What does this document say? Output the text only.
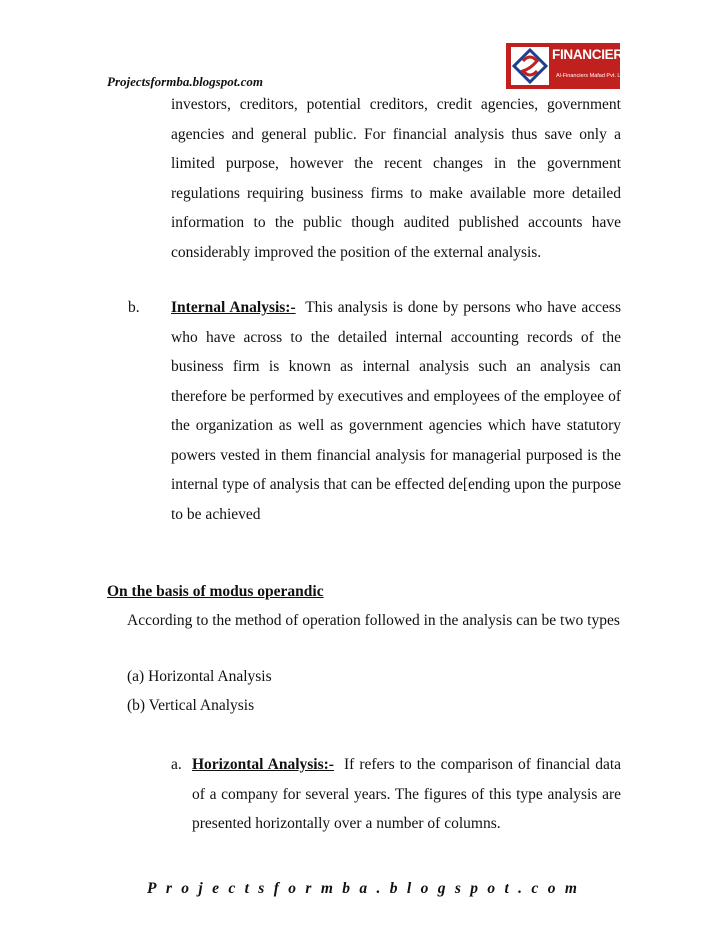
Projectsformba.blogspot.com
FINANCIERs
Al-Financiers Mafad Pvt. Ltd.

investors, creditors, potential creditors, credit agencies, government agencies and general public. For financial analysis thus save only a limited purpose, however the recent changes in the government regulations requiring business firms to make available more detailed information to the public though audited published accounts have considerably improved the position of the external analysis.

b. Internal Analysis:- This analysis is done by persons who have access who have across to the detailed internal accounting records of the business firm is known as internal analysis such an analysis can therefore be performed by executives and employees of the employee of the organization as well as government agencies which have statutory powers vested in them financial analysis for managerial purposed is the internal type of analysis that can be effected de[ending upon the purpose to be achieved

On the basis of modus operandic

According to the method of operation followed in the analysis can be two types

(a) Horizontal Analysis
(b) Vertical Analysis
a. Horizontal Analysis:- If refers to the comparison of financial data of a company for several years. The figures of this type analysis are presented horizontally over a number of columns.

P r o j e c t s f o r m b a . b l o g s p o t . c o m
